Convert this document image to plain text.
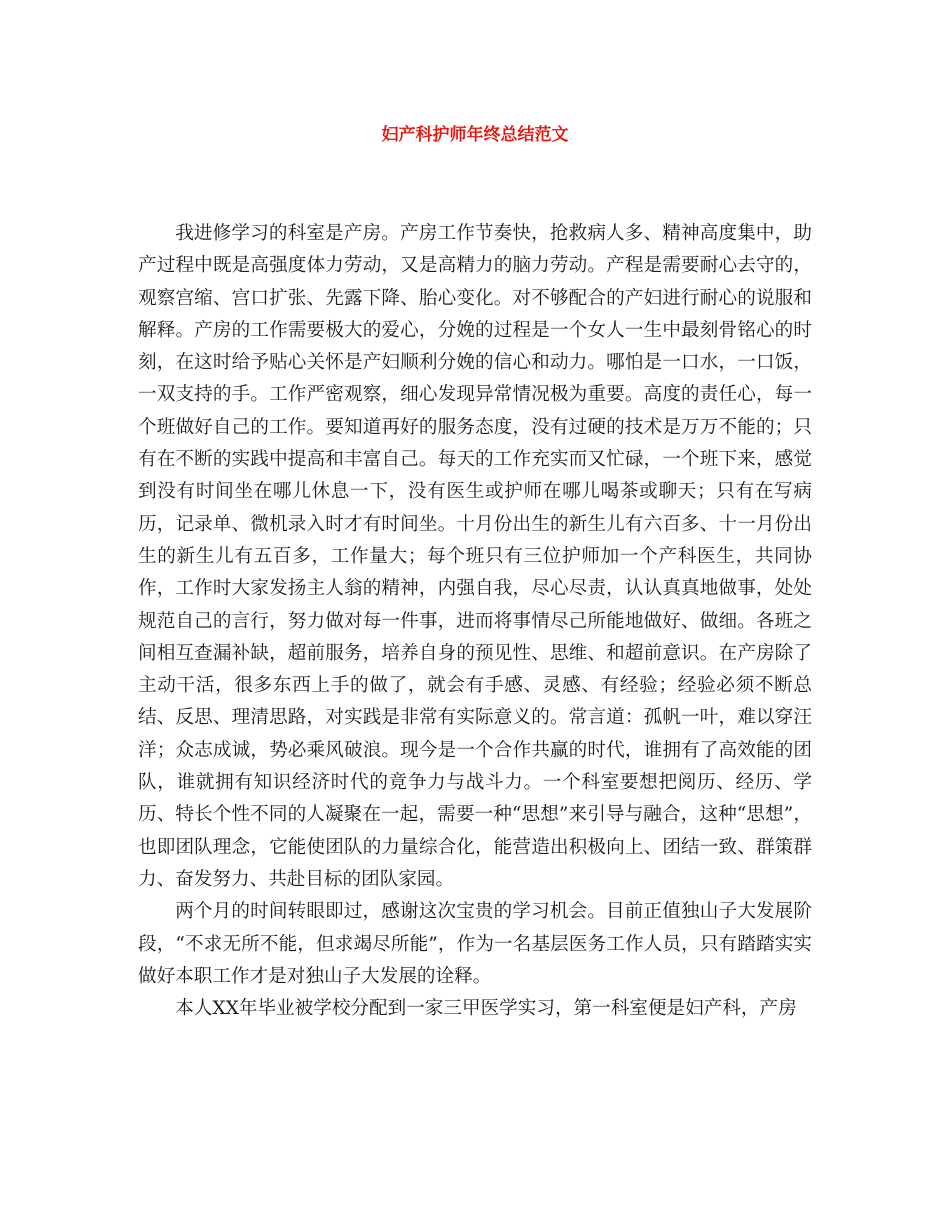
妇产科护师年终总结范文

我进修学习的科室是产房。产房工作节奏快，抢救病人多、精神高度集中，助产过程中既是高强度体力劳动，又是高精力的脑力劳动。产程是需要耐心去守的，观察宫缩、宫口扩张、先露下降、胎心变化。对不够配合的产妇进行耐心的说服和解释。产房的工作需要极大的爱心，分娩的过程是一个女人一生中最刻骨铭心的时刻，在这时给予贴心关怀是产妇顺利分娩的信心和动力。哪怕是一口水，一口饭，一双支持的手。工作严密观察，细心发现异常情况极为重要。高度的责任心，每一个班做好自己的工作。要知道再好的服务态度，没有过硬的技术是万万不能的；只有在不断的实践中提高和丰富自己。每天的工作充实而又忙碌，一个班下来，感觉到没有时间坐在哪儿休息一下，没有医生或护师在哪儿喝茶或聊天；只有在写病历，记录单、微机录入时才有时间坐。十月份出生的新生儿有六百多、十一月份出生的新生儿有五百多，工作量大；每个班只有三位护师加一个产科医生，共同协作，工作时大家发扬主人翁的精神，内强自我，尽心尽责，认认真真地做事，处处规范自己的言行，努力做对每一件事，进而将事情尽己所能地做好、做细。各班之间相互查漏补缺，超前服务，培养自身的预见性、思维、和超前意识。在产房除了主动干活，很多东西上手的做了，就会有手感、灵感、有经验；经验必须不断总结、反思、理清思路，对实践是非常有实际意义的。常言道：孤帆一叶，难以穿汪洋；众志成诚，势必乘风破浪。现今是一个合作共赢的时代，谁拥有了高效能的团队，谁就拥有知识经济时代的竟争力与战斗力。一个科室要想把阅历、经历、学历、特长个性不同的人凝聚在一起，需要一种“思想”来引导与融合，这种“思想”，也即团队理念，它能使团队的力量综合化，能营造出积极向上、团结一致、群策群力、奋发努力、共赴目标的团队家园。

两个月的时间转眼即过，感谢这次宝贵的学习机会。目前正值独山子大发展阶段，“不求无所不能，但求竭尽所能”，作为一名基层医务工作人员，只有踏踏实实做好本职工作才是对独山子大发展的诠释。

本人XX年毕业被学校分配到一家三甲医学实习，第一科室便是妇产科，产房
